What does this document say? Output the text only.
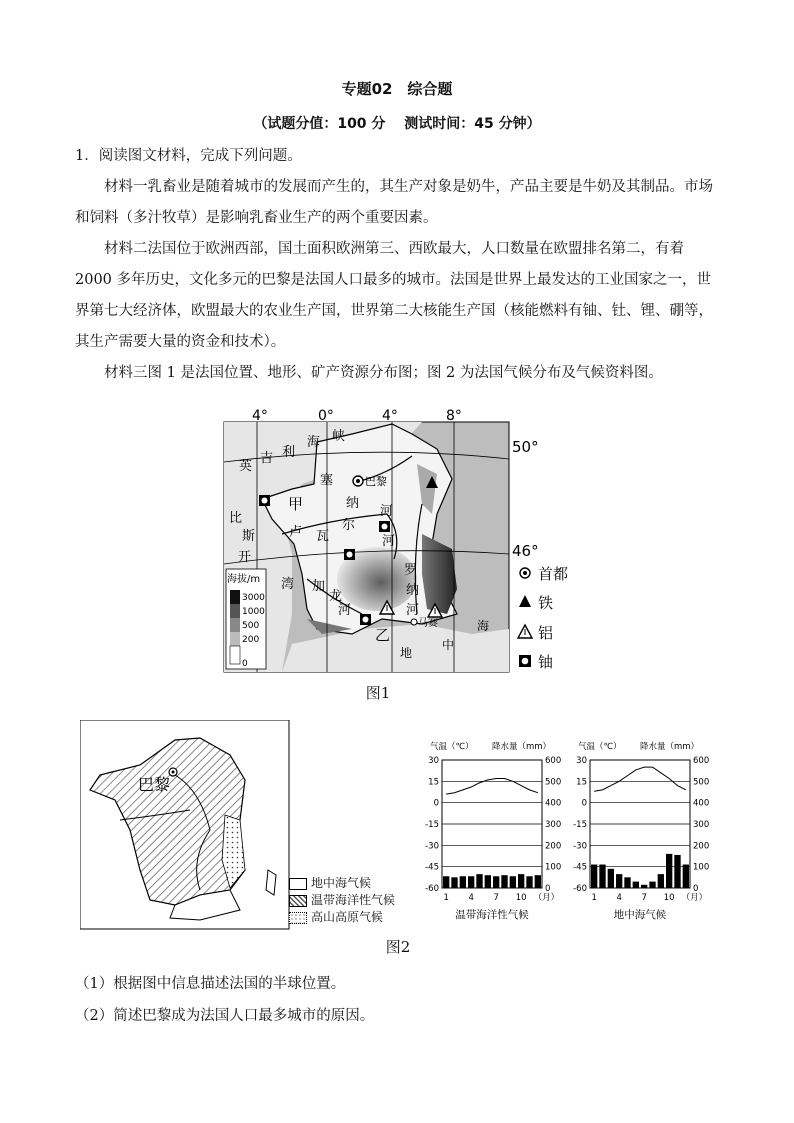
专题02　综合题
（试题分值：100 分　 测试时间：45 分钟）
1．阅读图文材料，完成下列问题。
材料一乳畜业是随着城市的发展而产生的，其生产对象是奶牛，产品主要是牛奶及其制品。市场和饲料（多汁牧草）是影响乳畜业生产的两个重要因素。
材料二法国位于欧洲西部，国土面积欧洲第三、西欧最大，人口数量在欧盟排名第二，有着 2000 多年历史，文化多元的巴黎是法国人口最多的城市。法国是世界上最发达的工业国家之一，世界第七大经济体，欧盟最大的农业生产国，世界第二大核能生产国（核能燃料有铀、钍、锂、硼等，其生产需要大量的资金和技术）。
材料三图 1 是法国位置、地形、矿产资源分布图；图 2 为法国气候分布及气候资料图。
4°	0°	4°	8°
50°
46°
利
海 峡
英
吉
比
斯
开
湾
塞
纳
河
卢 瓦
尔
河
加
龙
河
罗
纳
河
甲
乙
巴黎
马赛
中
地
海
海拔/m
3000
1000
500
200
0
首都
铁
铝
铀
图1
巴黎
地中海气候
温带海洋性气候
高山高原气候
气温（℃） 降水量（mm）
30
15
0
-15
-30
-45
-60
600
500
400
300
200
100
0
1 4 7 10 （月）
温带海洋性气候
气温（℃） 降水量（mm）
30
15
0
-15
-30
-45
-60
600
500
400
300
200
100
0
1 4 7 10 （月）
地中海气候
图2
（1）根据图中信息描述法国的半球位置。
（2）简述巴黎成为法国人口最多城市的原因。
